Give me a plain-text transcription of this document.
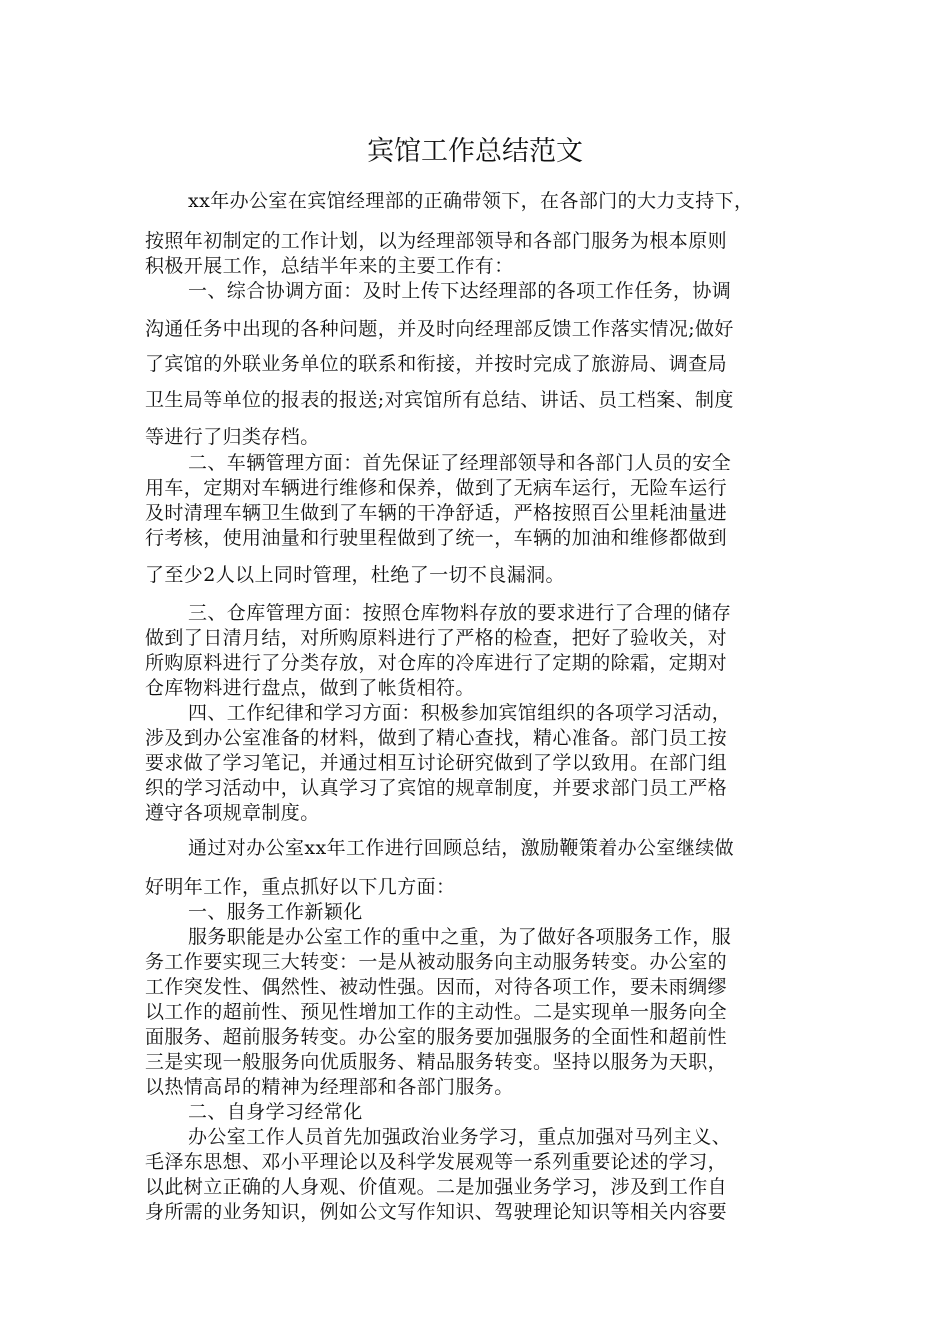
宾馆工作总结范文
xx年办公室在宾馆经理部的正确带领下，在各部门的大力支持下，
按照年初制定的工作计划，以为经理部领导和各部门服务为根本原则
积极开展工作，总结半年来的主要工作有：
一、综合协调方面：及时上传下达经理部的各项工作任务，协调
沟通任务中出现的各种问题，并及时向经理部反馈工作落实情况;做好
了宾馆的外联业务单位的联系和衔接，并按时完成了旅游局、调查局
卫生局等单位的报表的报送;对宾馆所有总结、讲话、员工档案、制度
等进行了归类存档。
二、车辆管理方面：首先保证了经理部领导和各部门人员的安全
用车，定期对车辆进行维修和保养，做到了无病车运行，无险车运行
及时清理车辆卫生做到了车辆的干净舒适，严格按照百公里耗油量进
行考核，使用油量和行驶里程做到了统一，车辆的加油和维修都做到
了至少2人以上同时管理，杜绝了一切不良漏洞。
三、仓库管理方面：按照仓库物料存放的要求进行了合理的储存
做到了日清月结，对所购原料进行了严格的检查，把好了验收关，对
所购原料进行了分类存放，对仓库的冷库进行了定期的除霜，定期对
仓库物料进行盘点，做到了帐货相符。
四、工作纪律和学习方面：积极参加宾馆组织的各项学习活动，
涉及到办公室准备的材料，做到了精心查找，精心准备。部门员工按
要求做了学习笔记，并通过相互讨论研究做到了学以致用。在部门组
织的学习活动中，认真学习了宾馆的规章制度，并要求部门员工严格
遵守各项规章制度。
通过对办公室xx年工作进行回顾总结，激励鞭策着办公室继续做
好明年工作，重点抓好以下几方面：
一、服务工作新颖化
服务职能是办公室工作的重中之重，为了做好各项服务工作，服
务工作要实现三大转变：一是从被动服务向主动服务转变。办公室的
工作突发性、偶然性、被动性强。因而，对待各项工作，要未雨绸缪
以工作的超前性、预见性增加工作的主动性。二是实现单一服务向全
面服务、超前服务转变。办公室的服务要加强服务的全面性和超前性
三是实现一般服务向优质服务、精品服务转变。坚持以服务为天职，
以热情高昂的精神为经理部和各部门服务。
二、自身学习经常化
办公室工作人员首先加强政治业务学习，重点加强对马列主义、
毛泽东思想、邓小平理论以及科学发展观等一系列重要论述的学习，
以此树立正确的人身观、价值观。二是加强业务学习，涉及到工作自
身所需的业务知识，例如公文写作知识、驾驶理论知识等相关内容要
